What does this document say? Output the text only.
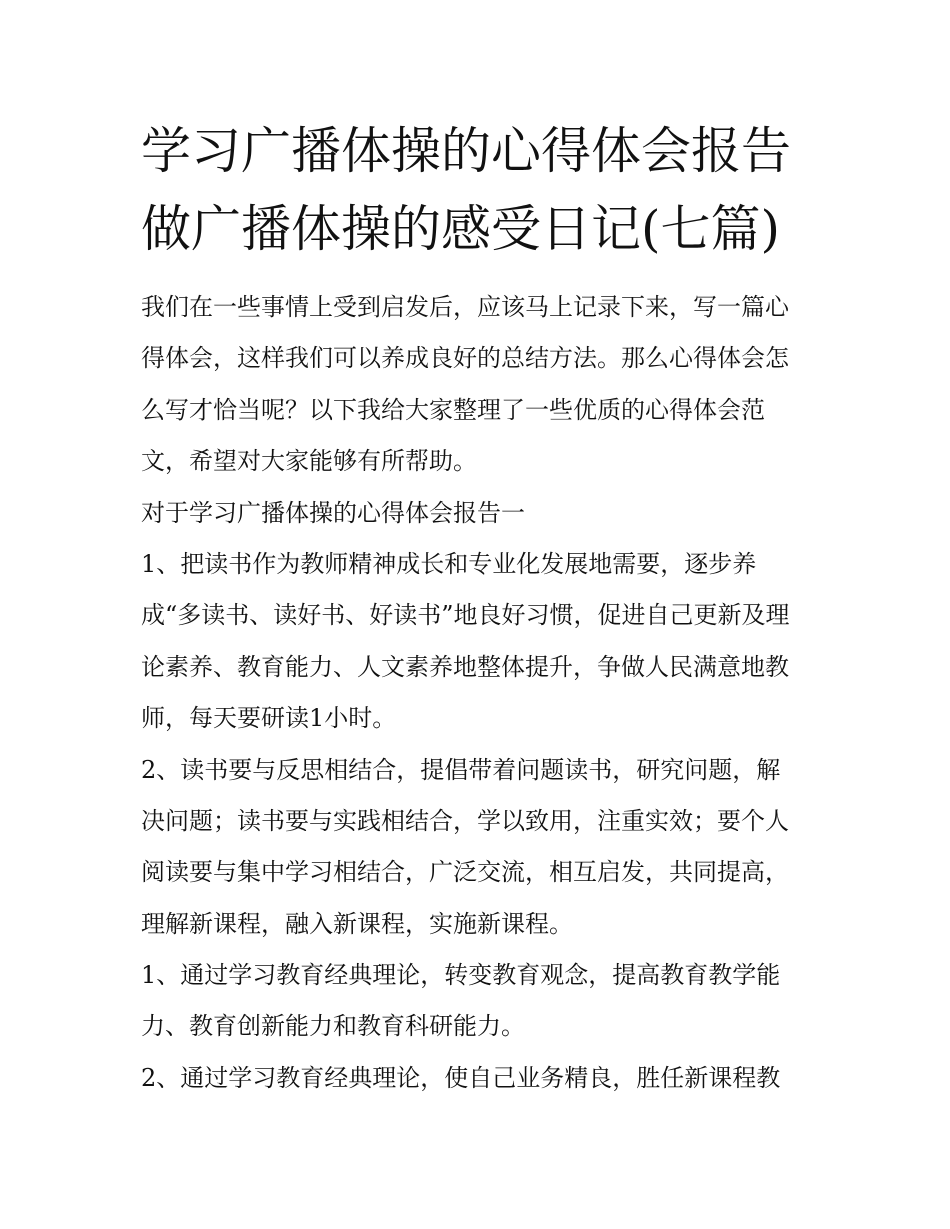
学习广播体操的心得体会报告
做广播体操的感受日记(七篇)
我们在一些事情上受到启发后，应该马上记录下来，写一篇心
得体会，这样我们可以养成良好的总结方法。那么心得体会怎
么写才恰当呢？以下我给大家整理了一些优质的心得体会范
文，希望对大家能够有所帮助。
对于学习广播体操的心得体会报告一
1、把读书作为教师精神成长和专业化发展地需要，逐步养
成“多读书、读好书、好读书”地良好习惯，促进自己更新及理
论素养、教育能力、人文素养地整体提升，争做人民满意地教
师，每天要研读1小时。
2、读书要与反思相结合，提倡带着问题读书，研究问题，解
决问题；读书要与实践相结合，学以致用，注重实效；要个人
阅读要与集中学习相结合，广泛交流，相互启发，共同提高，
理解新课程，融入新课程，实施新课程。
1、通过学习教育经典理论，转变教育观念，提高教育教学能
力、教育创新能力和教育科研能力。
2、通过学习教育经典理论，使自己业务精良，胜任新课程教
